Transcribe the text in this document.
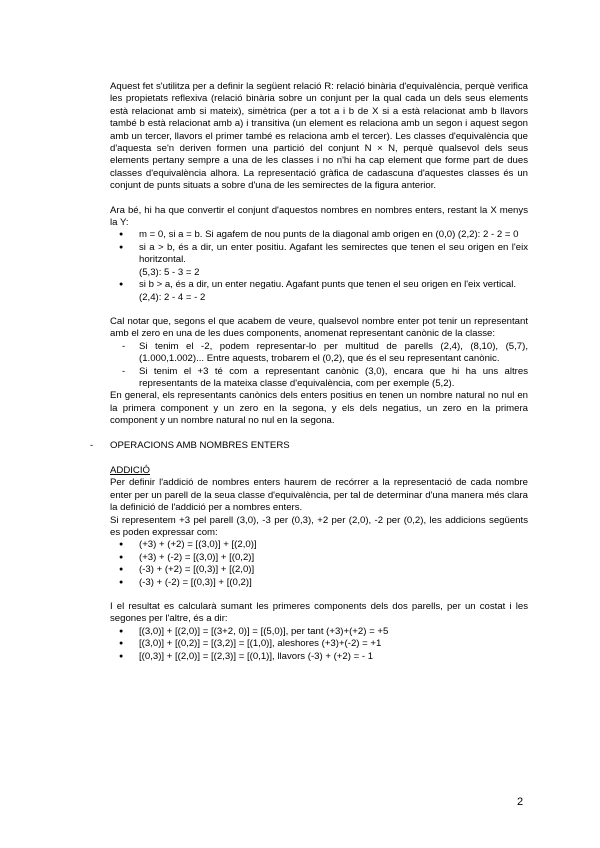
Aquest fet s'utilitza per a definir la següent relació R: relació binària d'equivalència, perquè verifica les propietats reflexiva (relació binària sobre un conjunt per la qual cada un dels seus elements està relacionat amb si mateix), simètrica (per a tot a i b de X si a està relacionat amb b llavors també b està relacionat amb a) i transitiva (un element es relaciona amb un segon i aquest segon amb un tercer, llavors el primer també es relaciona amb el tercer). Les classes d'equivalència que d'aquesta se'n deriven formen una partició del conjunt N × N, perquè qualsevol dels seus elements pertany sempre a una de les classes i no n'hi ha cap element que forme part de dues classes d'equivalència alhora. La representació gràfica de cadascuna d'aquestes classes és un conjunt de punts situats a sobre d'una de les semirectes de la figura anterior.

Ara bé, hi ha que convertir el conjunt d'aquestos nombres en nombres enters, restant la X menys la Y:

● m = 0, si a = b. Si agafem de nou punts de la diagonal amb origen en (0,0) (2,2): 2 - 2 = 0
● si a > b, és a dir, un enter positiu. Agafant les semirectes que tenen el seu origen en l'eix horitzontal.
(5,3): 5 - 3 = 2
● si b > a, és a dir, un enter negatiu. Agafant punts que tenen el seu origen en l'eix vertical.
(2,4): 2 - 4 = - 2

Cal notar que, segons el que acabem de veure, qualsevol nombre enter pot tenir un representant amb el zero en una de les dues components, anomenat representant canònic de la classe:

- Si tenim el -2, podem representar-lo per multitud de parells (2,4), (8,10), (5,7), (1.000,1.002)... Entre aquests, trobarem el (0,2), que és el seu representant canònic.
- Si tenim el +3 té com a representant canònic (3,0), encara que hi ha uns altres representants de la mateixa classe d'equivalència, com per exemple (5,2).

En general, els representants canònics dels enters positius en tenen un nombre natural no nul en la primera component y un zero en la segona, y els dels negatius, un zero en la primera component y un nombre natural no nul en la segona.

- OPERACIONS AMB NOMBRES ENTERS

ADDICIÓ

Per definir l'addició de nombres enters haurem de recórrer a la representació de cada nombre enter per un parell de la seua classe d'equivalència, per tal de determinar d'una manera més clara la definició de l'addició per a nombres enters.

Si representem +3 pel parell (3,0), -3 per (0,3), +2 per (2,0), -2 per (0,2), les addicions següents es poden expressar com:

● (+3) + (+2) = [(3,0)] + [(2,0)]
● (+3) + (-2) = [(3,0)] + [(0,2)]
● (-3) + (+2) = [(0,3)] + [(2,0)]
● (-3) + (-2) = [(0,3)] + [(0,2)]

I el resultat es calcularà sumant les primeres components dels dos parells, per un costat i les segones per l'altre, és a dir:

● [(3,0)] + [(2,0)] = [(3+2, 0)] = [(5,0)], per tant (+3)+(+2) = +5
● [(3,0)] + [(0,2)] = [(3,2)] = [(1,0)], aleshores (+3)+(-2) = +1
● [(0,3)] + [(2,0)] = [(2,3)] = [(0,1)], llavors (-3) + (+2) = - 1
2
